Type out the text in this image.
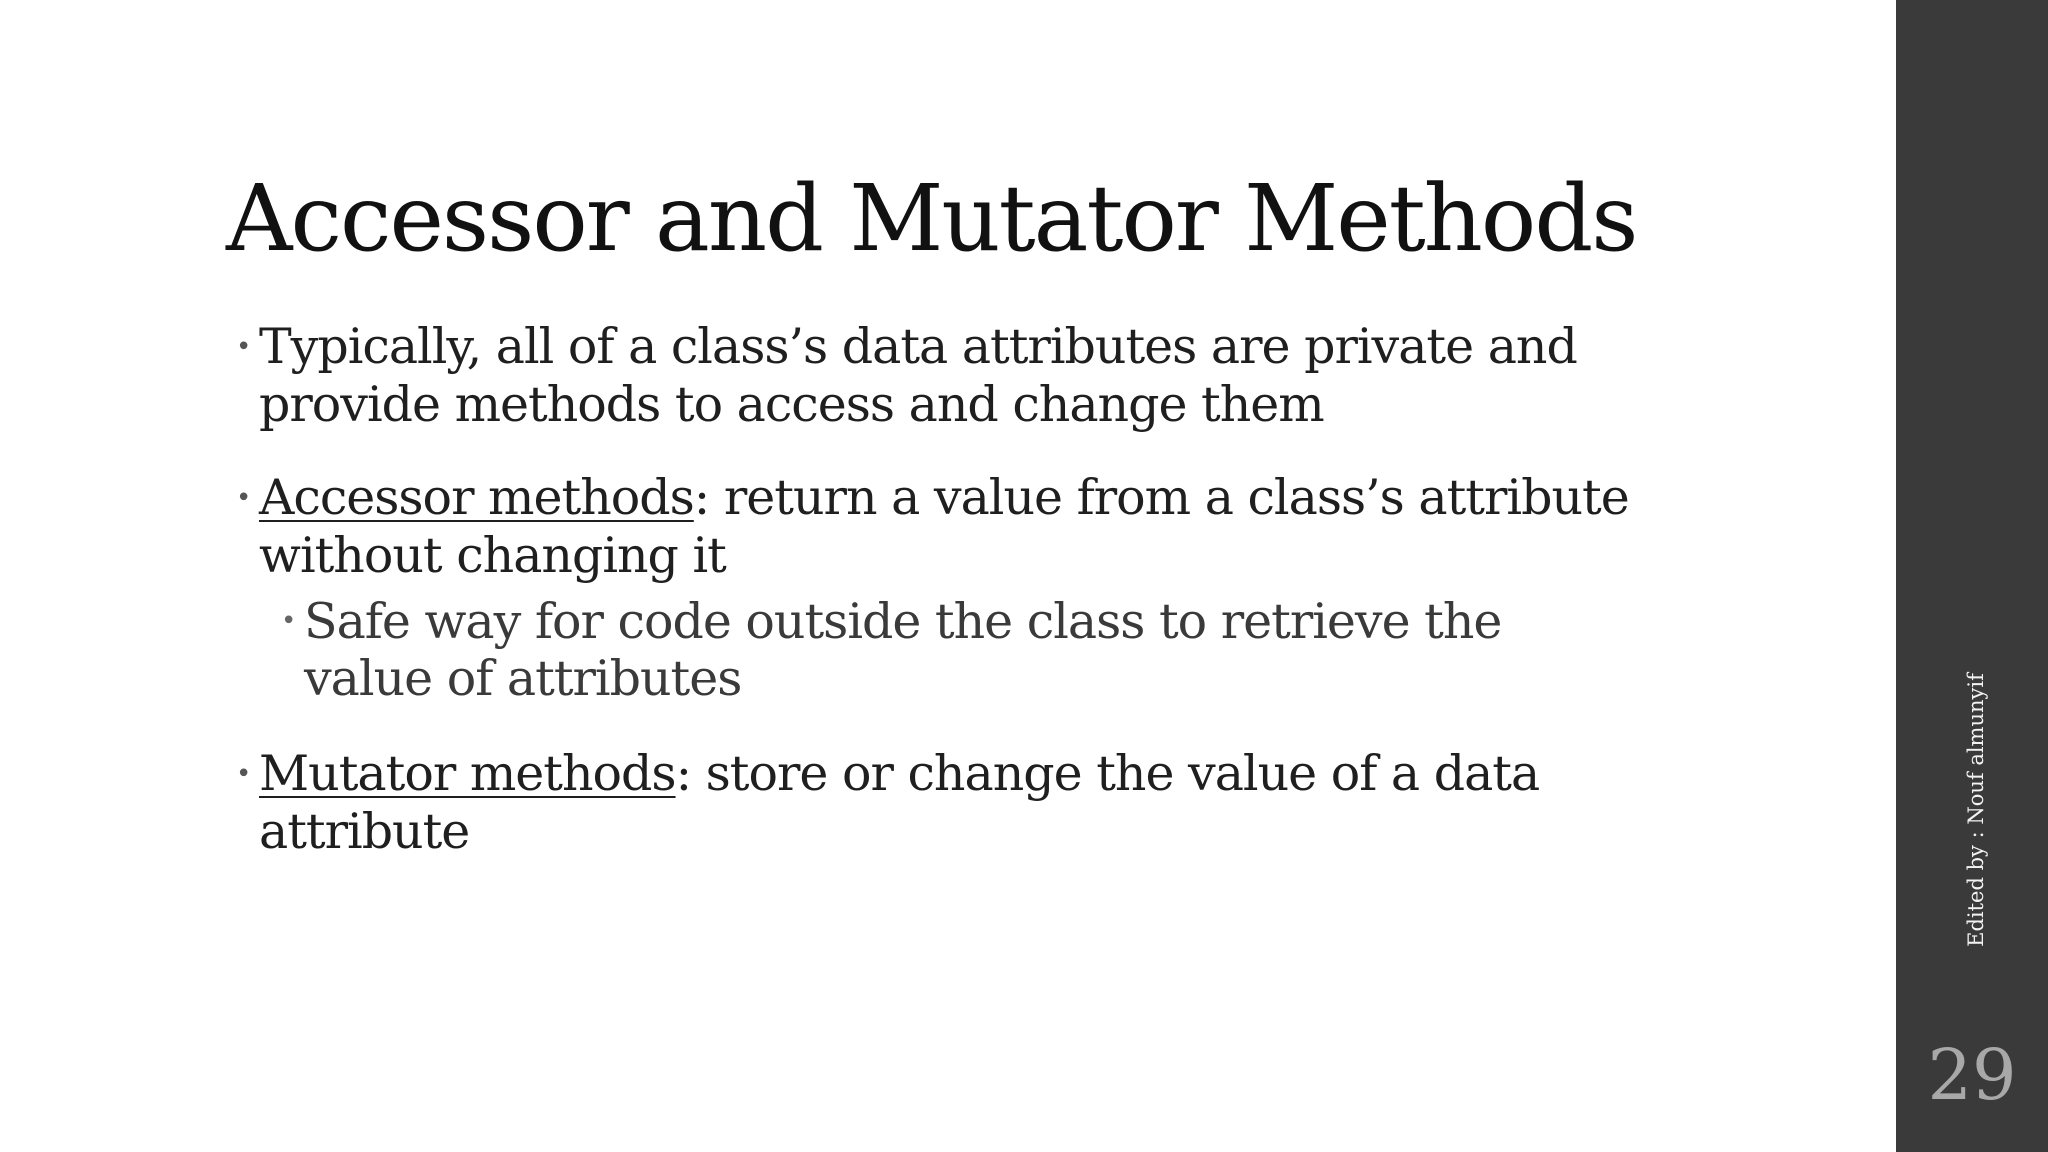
Accessor and Mutator Methods
• Typically, all of a class’s data attributes are private and provide methods to access and change them
• Accessor methods: return a value from a class’s attribute without changing it
• Safe way for code outside the class to retrieve the value of attributes
• Mutator methods: store or change the value of a data attribute	Edited by : Nouf almunyif
29
